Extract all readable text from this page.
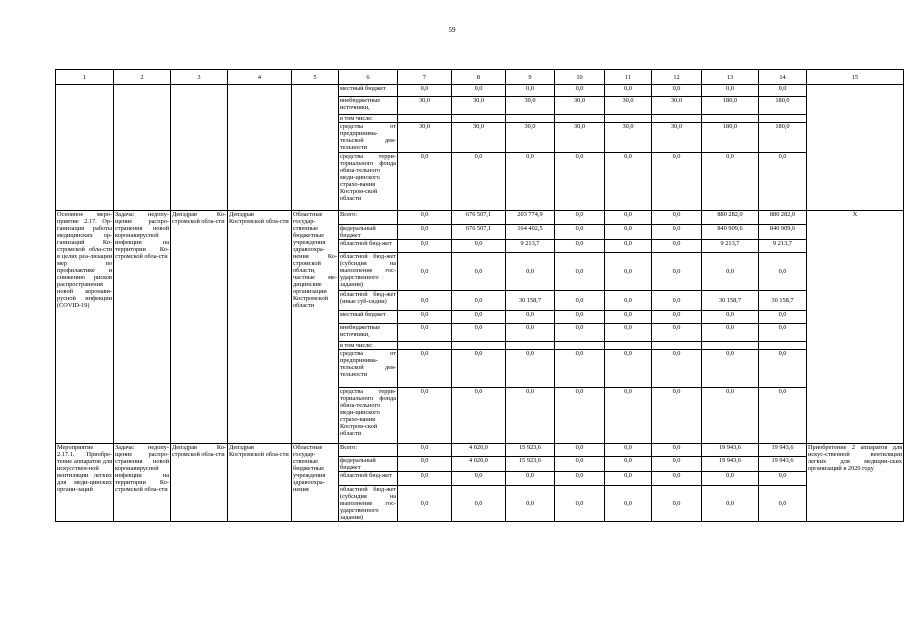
59
1	2	3	4	5	6	7	8	9	10	11	12	13	14	15
					местный бюджет	0,0	0,0	0,0	0,0	0,0	0,0	0,0	0,0	
					внебюджетные источники,	30,0	30,0	30,0	30,0	30,0	30,0	180,0	180,0	
					в том числе:									
					средства от предпринима-тельской дея-тельности	30,0	30,0	30,0	30,0	30,0	30,0	180,0	180,0	
					средства терри-ториального фонда обяза-тельного меди-цинского страхо-вания Костром-ской области	0,0	0,0	0,0	0,0	0,0	0,0	0,0	0,0	
Основное меро-приятие 2.17. Ор-ганизация работы медицинских ор-ганизаций Ко-стромской обла-сти в целях реа-лизации мер по профилактике и снижению рисков распространения новой коронави-русной инфекции (COVID-19)	Задача: недопу-щение распро-странения новой коронавирусной инфекции на территории Ко-стромской обла-сти	Депздрав Ко-стромской обла-сти	Депздрав Костромской обла-сти	Областные государ-ственные бюджетные учреждения здравоохра-нения Ко-стромской области, частные ме-дицинские организации Костромской области	Всего:	0,0	676 507,1	203 774,9	0,0	0,0	0,0	880 282,0	880 282,0	Х
					федеральный бюджет	0,0	676 507,1	164 402,5	0,0	0,0	0,0	840 909,6	840 909,6	
					областной бюд-жет	0,0	0,0	9 213,7	0,0	0,0	0,0	9 213,7	9 213,7	
					областной бюд-жет (субсидия на выполнение гос-ударственного задания)	0,0	0,0	0,0	0,0	0,0	0,0	0,0	0,0	
					областной бюд-жет (иные суб-сидии)	0,0	0,0	30 158,7	0,0	0,0	0,0	30 158,7	30 158,7	
					местный бюджет	0,0	0,0	0,0	0,0	0,0	0,0	0,0	0,0	
					внебюджетные источники,	0,0	0,0	0,0	0,0	0,0	0,0	0,0	0,0	
					в том числе:									
					средства от предпринима-тельской дея-тельности	0,0	0,0	0,0	0,0	0,0	0,0	0,0	0,0	
					средства терри-ториального фонда обяза-тельного меди-цинского страхо-вания Костром-ской области	0,0	0,0	0,0	0,0	0,0	0,0	0,0	0,0	
Мероприятие 2.17.1. Приобре-тение аппаратов для искусствен-ной вентиляции легких для меди-цинских органи-заций	Задача: недопу-щение распро-странения новой коронавирусной инфекции на территории Ко-стромской обла-сти	Депздрав Ко-стромской обла-сти	Депздрав Костромской обла-сти	Областные государ-ственные бюджетные учреждения здравоохра-нения	Всего:	0,0	4 020,0	15 923,6	0,0	0,0	0,0	19 943,6	19 943,6	Приобретение 2 аппаратов для искус-ственной вентиляции легких для медицин-ских организаций в 2020 году
					федеральный бюджет	0,0	4 020,0	15 923,6	0,0	0,0	0,0	19 943,6	19 943,6	
					областной бюд-жет	0,0	0,0	0,0	0,0	0,0	0,0	0,0	0,0	
					областной бюд-жет (субсидия на выполнение гос-ударственного задания)	0,0	0,0	0,0	0,0	0,0	0,0	0,0	0,0	
